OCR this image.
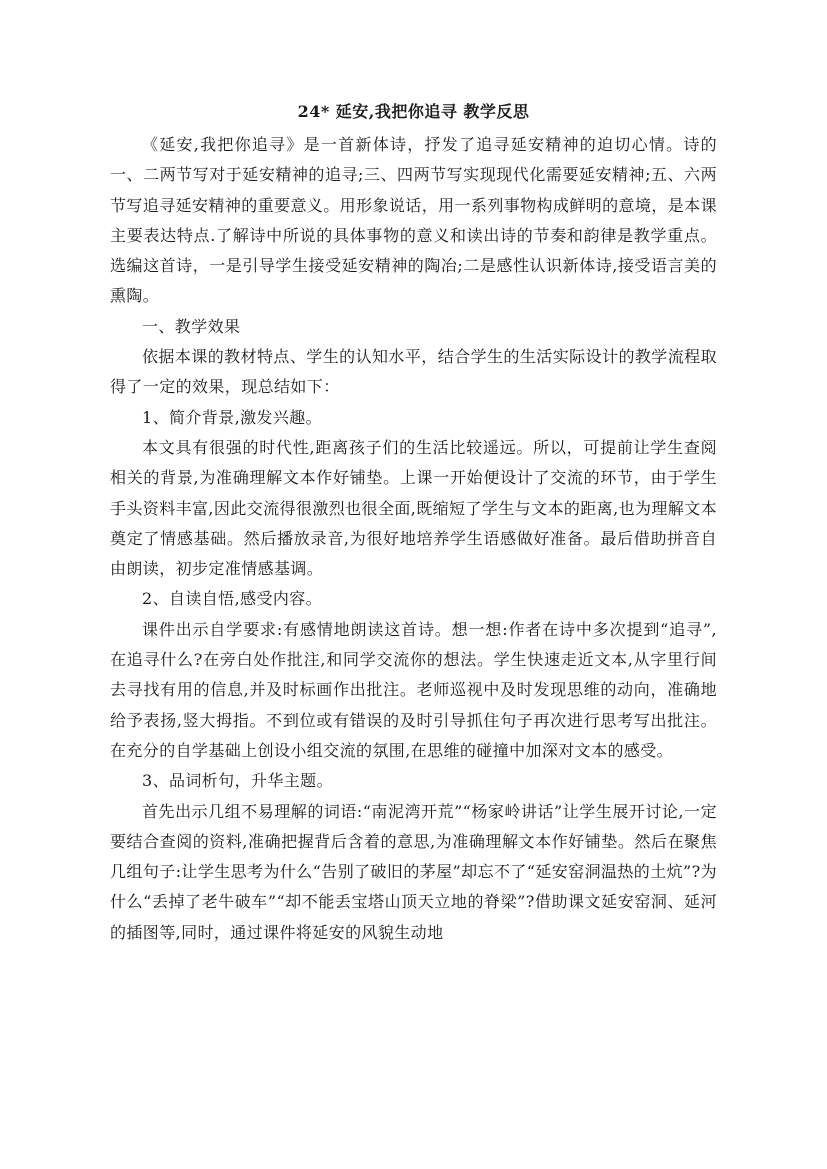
24* 延安,我把你追寻 教学反思

《延安,我把你追寻》是一首新体诗，抒发了追寻延安精神的迫切心情。诗的一、二两节写对于延安精神的追寻;三、四两节写实现现代化需要延安精神;五、六两节写追寻延安精神的重要意义。用形象说话，用一系列事物构成鲜明的意境，是本课主要表达特点.了解诗中所说的具体事物的意义和读出诗的节奏和韵律是教学重点。选编这首诗，一是引导学生接受延安精神的陶冶;二是感性认识新体诗,接受语言美的熏陶。

一、教学效果

依据本课的教材特点、学生的认知水平，结合学生的生活实际设计的教学流程取得了一定的效果，现总结如下：

1、简介背景,激发兴趣。

本文具有很强的时代性,距离孩子们的生活比较遥远。所以，可提前让学生查阅相关的背景,为准确理解文本作好铺垫。上课一开始便设计了交流的环节，由于学生手头资料丰富,因此交流得很激烈也很全面,既缩短了学生与文本的距离,也为理解文本奠定了情感基础。然后播放录音,为很好地培养学生语感做好准备。最后借助拼音自由朗读，初步定准情感基调。

2、自读自悟,感受内容。

课件出示自学要求:有感情地朗读这首诗。想一想:作者在诗中多次提到“追寻”,在追寻什么?在旁白处作批注,和同学交流你的想法。学生快速走近文本,从字里行间去寻找有用的信息,并及时标画作出批注。老师巡视中及时发现思维的动向，准确地给予表扬,竖大拇指。不到位或有错误的及时引导抓住句子再次进行思考写出批注。在充分的自学基础上创设小组交流的氛围,在思维的碰撞中加深对文本的感受。

3、品词析句，升华主题。

首先出示几组不易理解的词语:“南泥湾开荒”“杨家岭讲话”让学生展开讨论,一定要结合查阅的资料,准确把握背后含着的意思,为准确理解文本作好铺垫。然后在聚焦几组句子:让学生思考为什么“告别了破旧的茅屋”却忘不了“延安窑洞温热的土炕”?为什么“丢掉了老牛破车”“却不能丢宝塔山顶天立地的脊梁”?借助课文延安窑洞、延河的插图等,同时，通过课件将延安的风貌生动地
